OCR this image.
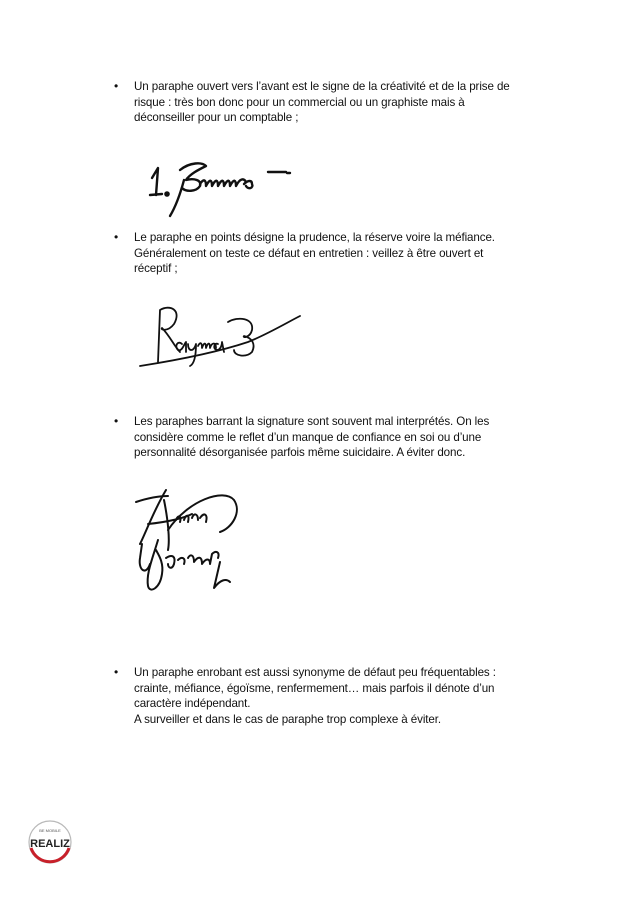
• Un paraphe ouvert vers l’avant est le signe de la créativité et de la prise de
risque : très bon donc pour un commercial ou un graphiste mais à
déconseiller pour un comptable ;
• Le paraphe en points désigne la prudence, la réserve voire la méfiance.
Généralement on teste ce défaut en entretien : veillez à être ouvert et
réceptif ;
• Les paraphes barrant la signature sont souvent mal interprétés. On les
considère comme le reflet d’un manque de confiance en soi ou d’une
personnalité désorganisée parfois même suicidaire. A éviter donc.
• Un paraphe enrobant est aussi synonyme de défaut peu fréquentables :
crainte, méfiance, égoïsme, renfermement… mais parfois il dénote d’un
caractère indépendant.
A surveiller et dans le cas de paraphe trop complexe à éviter.
BE MOBILE
REALIZ
